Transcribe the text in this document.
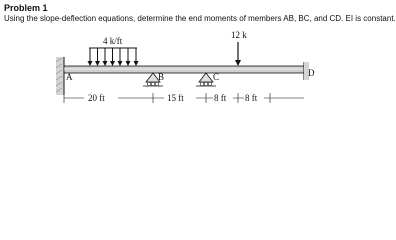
Problem 1
Using the slope-deflection equations, determine the end moments of members AB, BC, and CD. EI is constant.
4 k/ft
12 k
B	C	D
A
20 ft	15 ft	8 ft 8 ft
